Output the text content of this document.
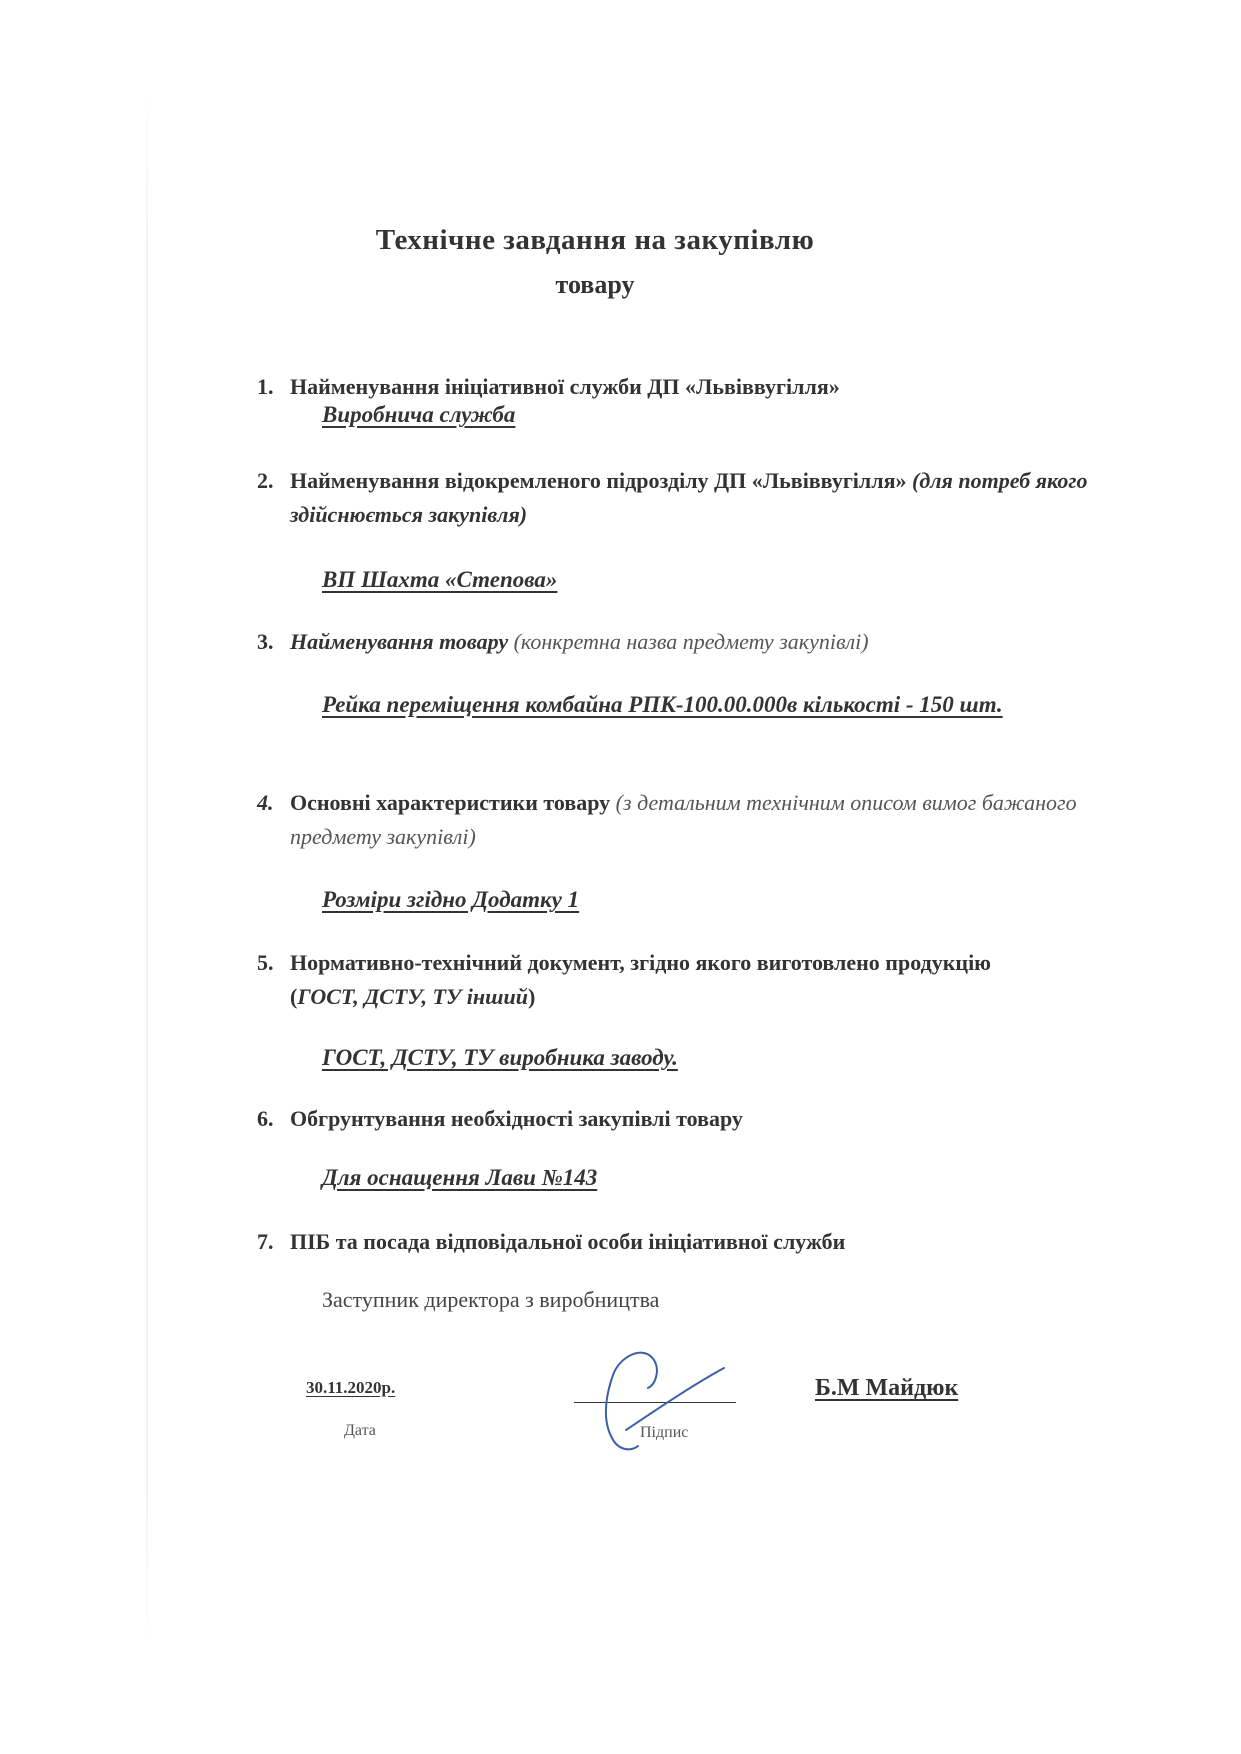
Технічне завдання на закупівлю
товару
1. Найменування ініціативної служби ДП «Львіввугілля»
Виробнича служба
2. Найменування відокремленого підрозділу ДП «Львіввугілля» (для потреб якого здійснюється закупівля)
ВП Шахта «Степова»
3. Найменування товару (конкретна назва предмету закупівлі)
Рейка переміщення комбайна РПК-100.00.000в кількості - 150 шт.
4. Основні характеристики товару (з детальним технічним описом вимог бажаного предмету закупівлі)
Розміри згідно Додатку 1
5. Нормативно-технічний документ, згідно якого виготовлено продукцію
(ГОСТ, ДСТУ, ТУ інший)
ГОСТ, ДСТУ, ТУ виробника заводу.
6. Обгрунтування необхідності закупівлі товару
Для оснащення Лави №143
7. ПІБ та посада відповідальної особи ініціативної служби
Заступник директора з виробництва
30.11.2020р.
Дата	Підпис
Б.М Майдюк
